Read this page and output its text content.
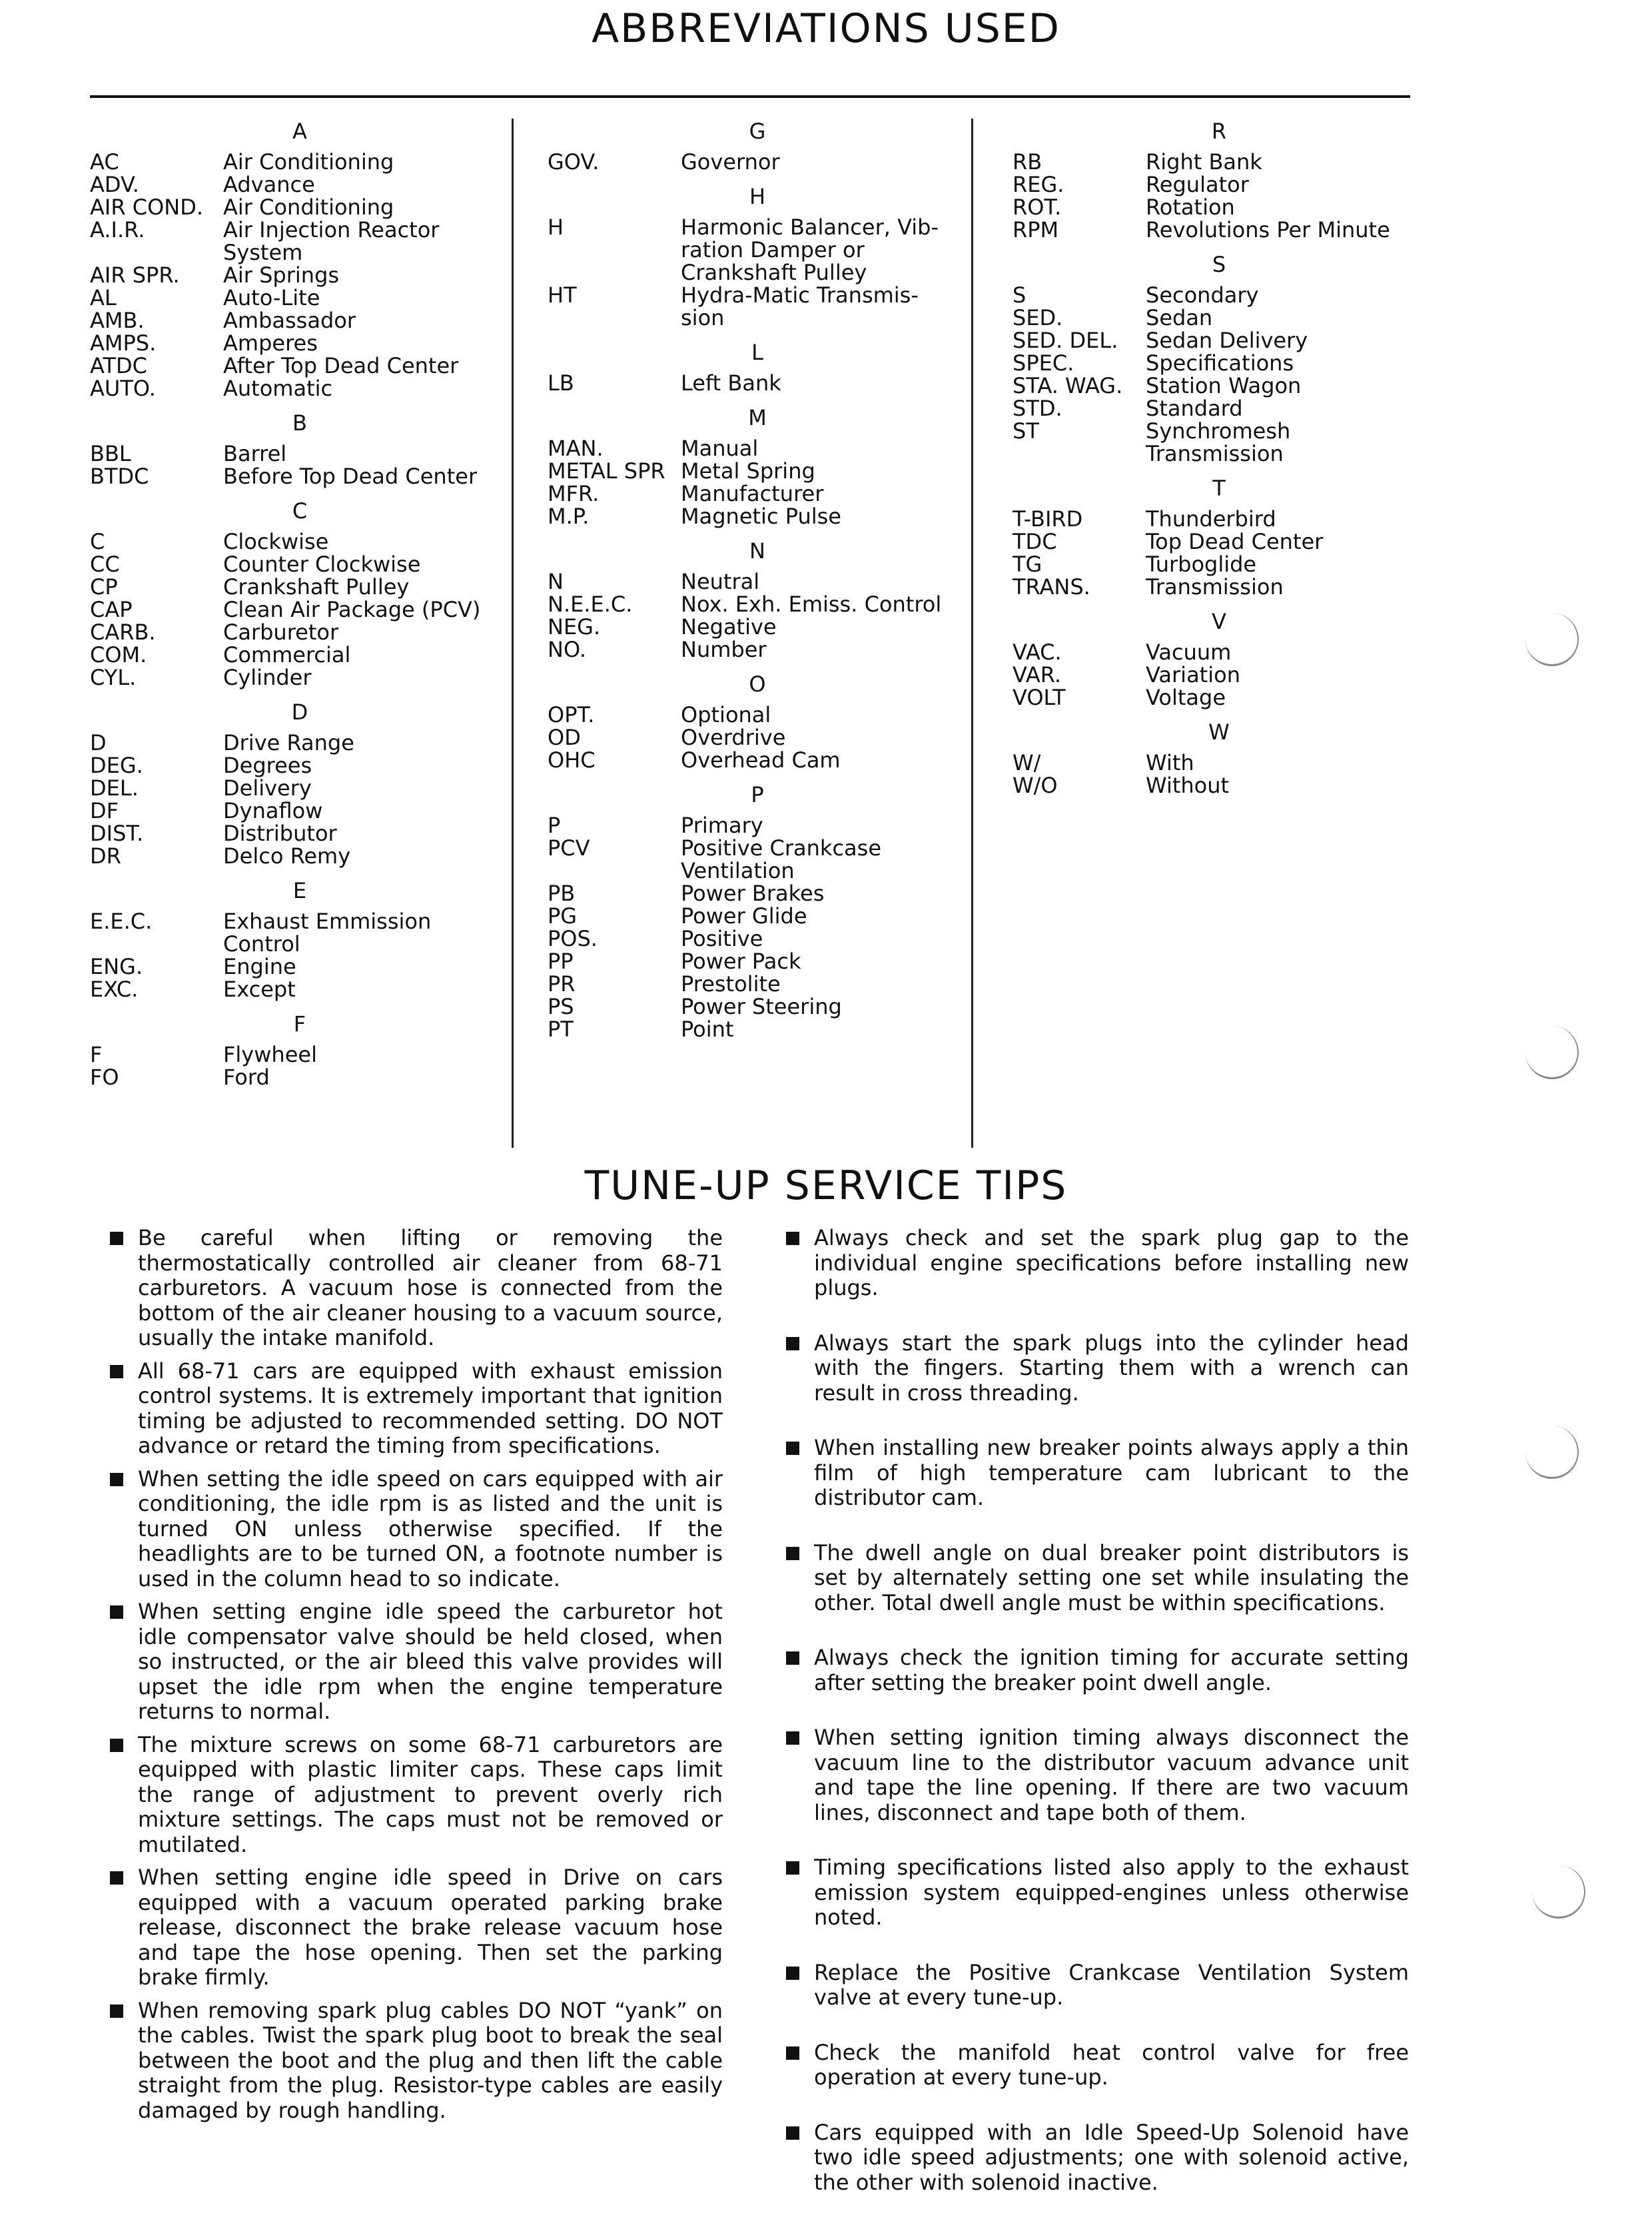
ABBREVIATIONS USED
A
AC	Air Conditioning
ADV.	Advance
AIR COND. Air Conditioning
A.I.R.	Air Injection Reactor
System
AIR SPR.	Air Springs
AL	Auto-Lite
AMB.	Ambassador
AMPS.	Amperes
ATDC	After Top Dead Center
AUTO.	Automatic
B
BBL	Barrel
BTDC	Before Top Dead Center
C
C	Clockwise
CC	Counter Clockwise
CP	Crankshaft Pulley
CAP	Clean Air Package (PCV)
CARB.	Carburetor
COM.	Commercial
CYL.	Cylinder
D
D	Drive Range
DEG.	Degrees
DEL.	Delivery
DF	Dynaflow
DIST.	Distributor
DR	Delco Remy
E
E.E.C.	Exhaust Emmission
Control
ENG.	Engine
EXC.	Except
F
F	Flywheel
FO	Ford
G
GOV.	Governor
H
H	Harmonic Balancer, Vib-
ration Damper or
Crankshaft Pulley
HT	Hydra-Matic Transmis-
sion
L
LB	Left Bank
M
MAN.	Manual
METAL SPR Metal Spring
MFR.	Manufacturer
M.P.	Magnetic Pulse
N
N	Neutral
N.E.E.C.	Nox. Exh. Emiss. Control
NEG.	Negative
NO.	Number
O
OPT.	Optional
OD	Overdrive
OHC	Overhead Cam
P
P	Primary
PCV	Positive Crankcase
Ventilation
PB	Power Brakes
PG	Power Glide
POS.	Positive
PP	Power Pack
PR	Prestolite
PS	Power Steering
PT	Point
R
RB	Right Bank
REG.	Regulator
ROT.	Rotation
RPM	Revolutions Per Minute
S
S	Secondary
SED.	Sedan
SED. DEL.	Sedan Delivery
SPEC.	Specifications
STA. WAG.	Station Wagon
STD.	Standard
ST	Synchromesh
Transmission
T
T-BIRD	Thunderbird
TDC	Top Dead Center
TG	Turboglide
TRANS.	Transmission
V
VAC.	Vacuum
VAR.	Variation
VOLT	Voltage
W
W/	With
W/O	Without
TUNE-UP SERVICE TIPS
Be careful when lifting or removing the thermostatically controlled air cleaner from 68-71 carburetors. A vacuum hose is connected from the bottom of the air cleaner housing to a vacuum source, usually the intake manifold.
All 68-71 cars are equipped with exhaust emission control systems. It is extremely important that ignition timing be adjusted to recommended setting. DO NOT advance or retard the timing from specifications.
When setting the idle speed on cars equipped with air conditioning, the idle rpm is as listed and the unit is turned ON unless otherwise specified. If the headlights are to be turned ON, a footnote number is used in the column head to so indicate.
When setting engine idle speed the carburetor hot idle compensator valve should be held closed, when so instructed, or the air bleed this valve provides will upset the idle rpm when the engine temperature returns to normal.
The mixture screws on some 68-71 carburetors are equipped with plastic limiter caps. These caps limit the range of adjustment to prevent overly rich mixture settings. The caps must not be removed or mutilated.
When setting engine idle speed in Drive on cars equipped with a vacuum operated parking brake release, disconnect the brake release vacuum hose and tape the hose opening. Then set the parking brake firmly.
When removing spark plug cables DO NOT “yank” on the cables. Twist the spark plug boot to break the seal between the boot and the plug and then lift the cable straight from the plug. Resistor-type cables are easily damaged by rough handling.
Always check and set the spark plug gap to the individual engine specifications before installing new plugs.
Always start the spark plugs into the cylinder head with the fingers. Starting them with a wrench can result in cross threading.
When installing new breaker points always apply a thin film of high temperature cam lubricant to the distributor cam.
The dwell angle on dual breaker point distributors is set by alternately setting one set while insulating the other. Total dwell angle must be within specifications.
Always check the ignition timing for accurate setting after setting the breaker point dwell angle.
When setting ignition timing always disconnect the vacuum line to the distributor vacuum advance unit and tape the line opening. If there are two vacuum lines, disconnect and tape both of them.
Timing specifications listed also apply to the exhaust emission system equipped-engines unless otherwise noted.
Replace the Positive Crankcase Ventilation System valve at every tune-up.
Check the manifold heat control valve for free operation at every tune-up.
Cars equipped with an Idle Speed-Up Solenoid have two idle speed adjustments; one with solenoid active, the other with solenoid inactive.
